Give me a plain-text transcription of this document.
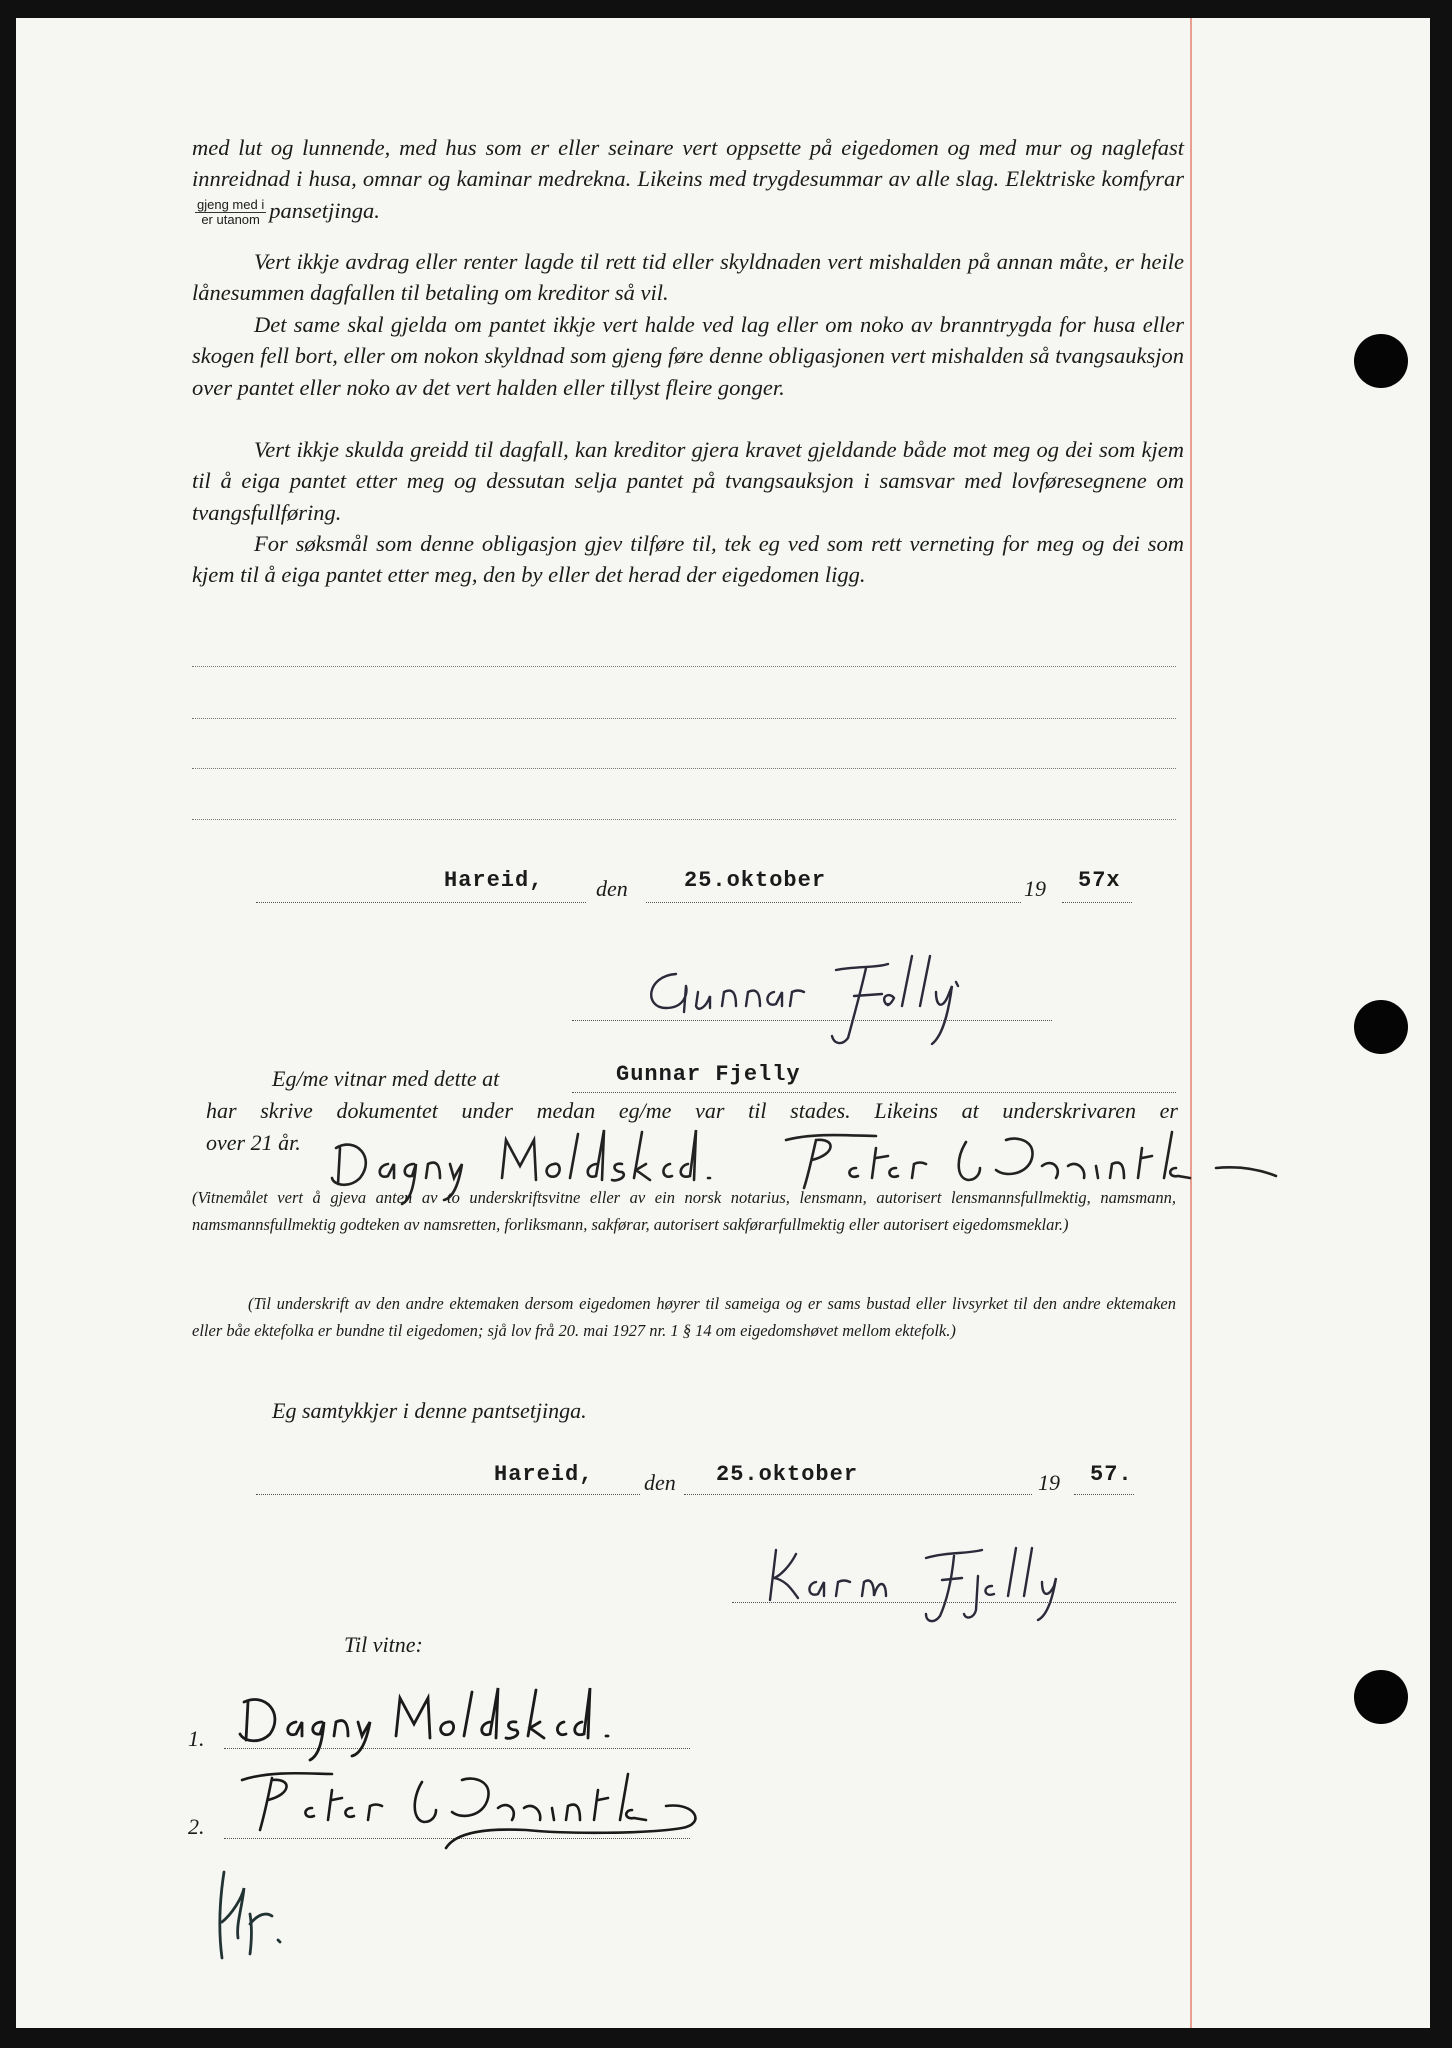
med lut og lunnende, med hus som er eller seinare vert oppsette på eigedomen og med mur og naglefast innreidnad i husa, omnar og kaminar medrekna. Likeins med trygdesummar av alle slag. Elektriske komfyrar
$\frac{\text{gjeng med i}}{\text{er utanom}}$ pansetjinga.

Vert ikkje avdrag eller renter lagde til rett tid eller skyldnaden vert mishalden på annan måte, er heile lånesummen dagfallen til betaling om kreditor så vil.

Det same skal gjelda om pantet ikkje vert halde ved lag eller om noko av branntrygda for husa eller skogen fell bort, eller om nokon skyldnad som gjeng føre denne obligasjonen vert mishalden så tvangsauksjon over pantet eller noko av det vert halden eller tillyst fleire gonger.

Vert ikkje skulda greidd til dagfall, kan kreditor gjera kravet gjeldande både mot meg og dei som kjem til å eiga pantet etter meg og dessutan selja pantet på tvangsauksjon i samsvar med lovføresegnene om tvangsfullføring.

For søksmål som denne obligasjon gjev tilføre til, tek eg ved som rett verneting for meg og dei som kjem til å eiga pantet etter meg, den by eller det herad der eigedomen ligg.

Hareid, den	25.oktober	19 57x
Eg/me vitnar med dette at	Gunnar Fjelly
har skrive dokumentet under medan eg/me var til stades. Likeins at underskrivaren er
over 21 år.

(Vitnemålet vert å gjeva anten av to underskriftsvitne eller av ein norsk notarius, lensmann, autorisert lensmannsfullmektig, namsmann, namsmannsfullmektig godteken av namsretten, forliksmann, sakførar, autorisert sakførarfullmektig eller autorisert eigedomsmeklar.)

(Til underskrift av den andre ektemaken dersom eigedomen høyrer til sameiga og er sams bustad eller livsyrket til den andre ektemaken eller båe ektefolka er bundne til eigedomen; sjå lov frå 20. mai 1927 nr. 1 § 14 om eigedomshøvet mellom ektefolk.)

Eg samtykkjer i denne pantsetjinga.
Hareid, den 25.oktober	19 57.
Til vitne:
1.
2.
